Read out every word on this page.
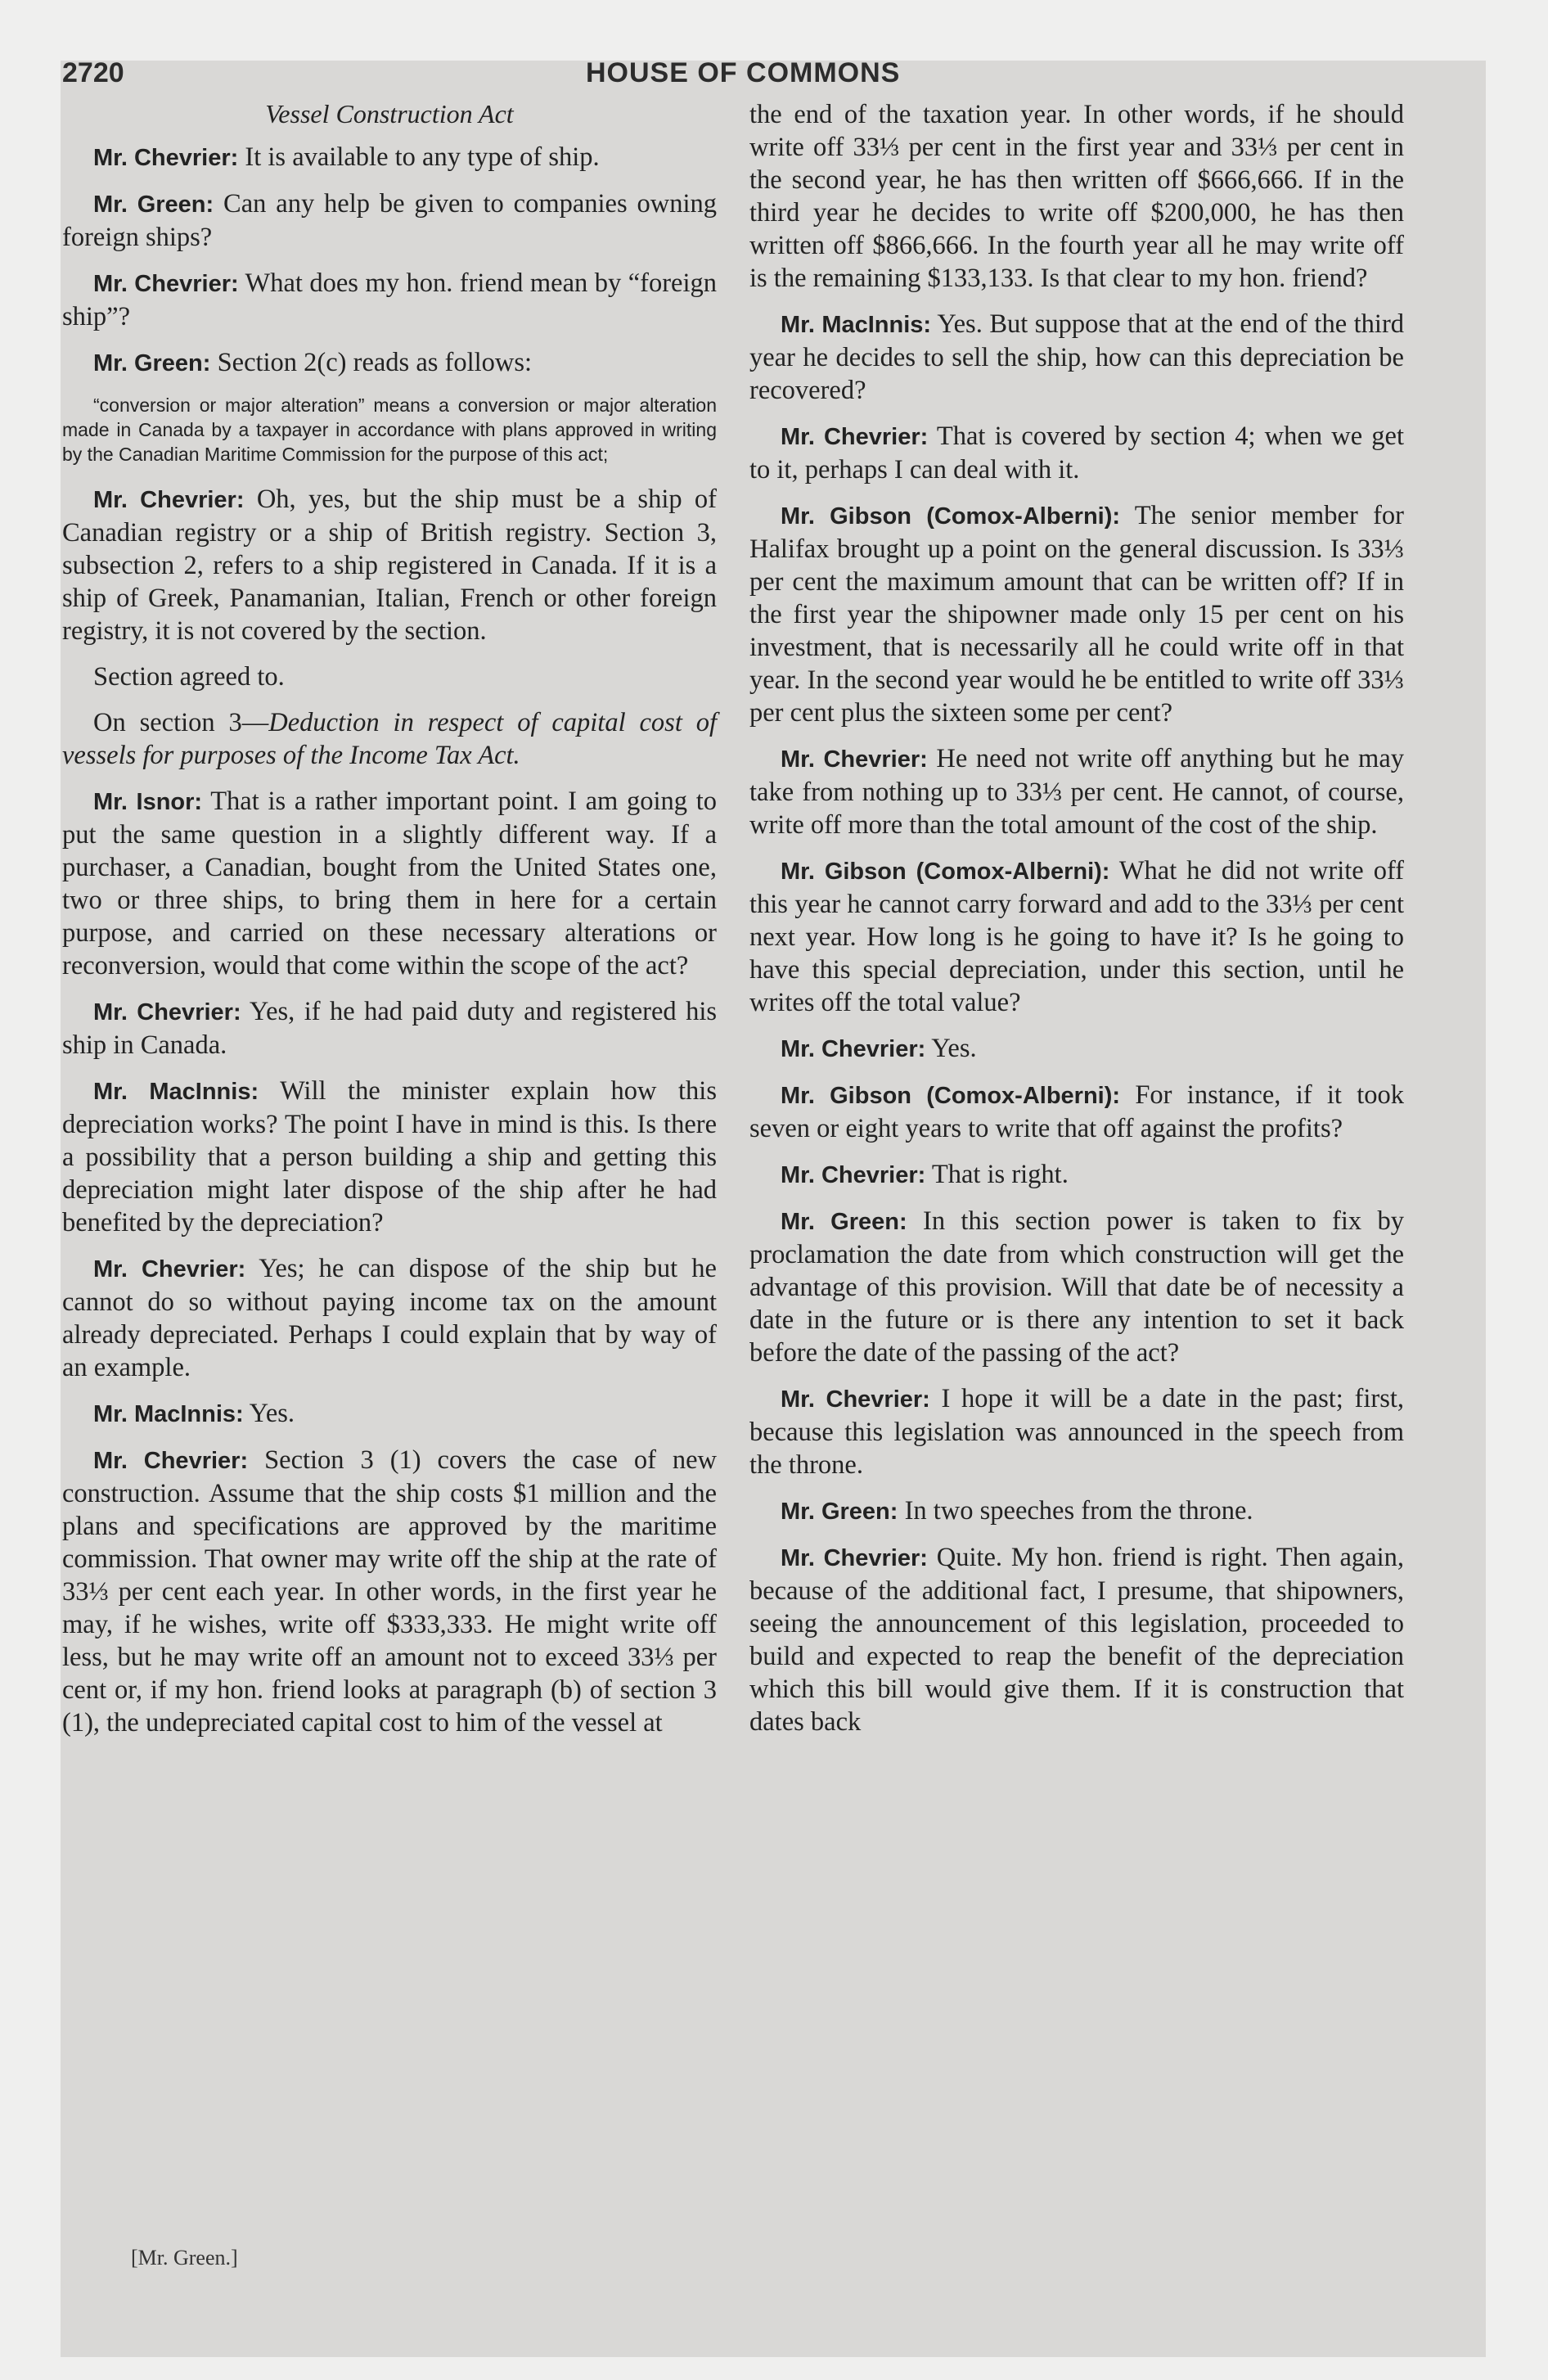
2720	HOUSE OF COMMONS
Vessel Construction Act
Mr. Chevrier: It is available to any type of ship.
Mr. Green: Can any help be given to companies owning foreign ships?
Mr. Chevrier: What does my hon. friend mean by “foreign ship”?
Mr. Green: Section 2(c) reads as follows:
“conversion or major alteration” means a conversion or major alteration made in Canada by a taxpayer in accordance with plans approved in writing by the Canadian Maritime Commission for the purpose of this act;
Mr. Chevrier: Oh, yes, but the ship must be a ship of Canadian registry or a ship of British registry. Section 3, subsection 2, refers to a ship registered in Canada. If it is a ship of Greek, Panamanian, Italian, French or other foreign registry, it is not covered by the section.
Section agreed to.
On section 3—Deduction in respect of capital cost of vessels for purposes of the Income Tax Act.
Mr. Isnor: That is a rather important point. I am going to put the same question in a slightly different way. If a purchaser, a Canadian, bought from the United States one, two or three ships, to bring them in here for a certain purpose, and carried on these necessary alterations or reconversion, would that come within the scope of the act?
Mr. Chevrier: Yes, if he had paid duty and registered his ship in Canada.
Mr. MacInnis: Will the minister explain how this depreciation works? The point I have in mind is this. Is there a possibility that a person building a ship and getting this depreciation might later dispose of the ship after he had benefited by the depreciation?
Mr. Chevrier: Yes; he can dispose of the ship but he cannot do so without paying income tax on the amount already depreciated. Perhaps I could explain that by way of an example.
Mr. MacInnis: Yes.
Mr. Chevrier: Section 3 (1) covers the case of new construction. Assume that the ship costs $1 million and the plans and specifications are approved by the maritime commission. That owner may write off the ship at the rate of 33⅓ per cent each year. In other words, in the first year he may, if he wishes, write off $333,333. He might write off less, but he may write off an amount not to exceed 33⅓ per cent or, if my hon. friend looks at paragraph (b) of section 3 (1), the undepreciated capital cost to him of the vessel at
the end of the taxation year. In other words, if he should write off 33⅓ per cent in the first year and 33⅓ per cent in the second year, he has then written off $666,666. If in the third year he decides to write off $200,000, he has then written off $866,666. In the fourth year all he may write off is the remaining $133,133. Is that clear to my hon. friend?
Mr. MacInnis: Yes. But suppose that at the end of the third year he decides to sell the ship, how can this depreciation be recovered?
Mr. Chevrier: That is covered by section 4; when we get to it, perhaps I can deal with it.
Mr. Gibson (Comox-Alberni): The senior member for Halifax brought up a point on the general discussion. Is 33⅓ per cent the maximum amount that can be written off? If in the first year the shipowner made only 15 per cent on his investment, that is necessarily all he could write off in that year. In the second year would he be entitled to write off 33⅓ per cent plus the sixteen some per cent?
Mr. Chevrier: He need not write off anything but he may take from nothing up to 33⅓ per cent. He cannot, of course, write off more than the total amount of the cost of the ship.
Mr. Gibson (Comox-Alberni): What he did not write off this year he cannot carry forward and add to the 33⅓ per cent next year. How long is he going to have it? Is he going to have this special depreciation, under this section, until he writes off the total value?
Mr. Chevrier: Yes.
Mr. Gibson (Comox-Alberni): For instance, if it took seven or eight years to write that off against the profits?
Mr. Chevrier: That is right.
Mr. Green: In this section power is taken to fix by proclamation the date from which construction will get the advantage of this provision. Will that date be of necessity a date in the future or is there any intention to set it back before the date of the passing of the act?
Mr. Chevrier: I hope it will be a date in the past; first, because this legislation was announced in the speech from the throne.
Mr. Green: In two speeches from the throne.
Mr. Chevrier: Quite. My hon. friend is right. Then again, because of the additional fact, I presume, that shipowners, seeing the announcement of this legislation, proceeded to build and expected to reap the benefit of the depreciation which this bill would give them. If it is construction that dates back
[Mr. Green.]
